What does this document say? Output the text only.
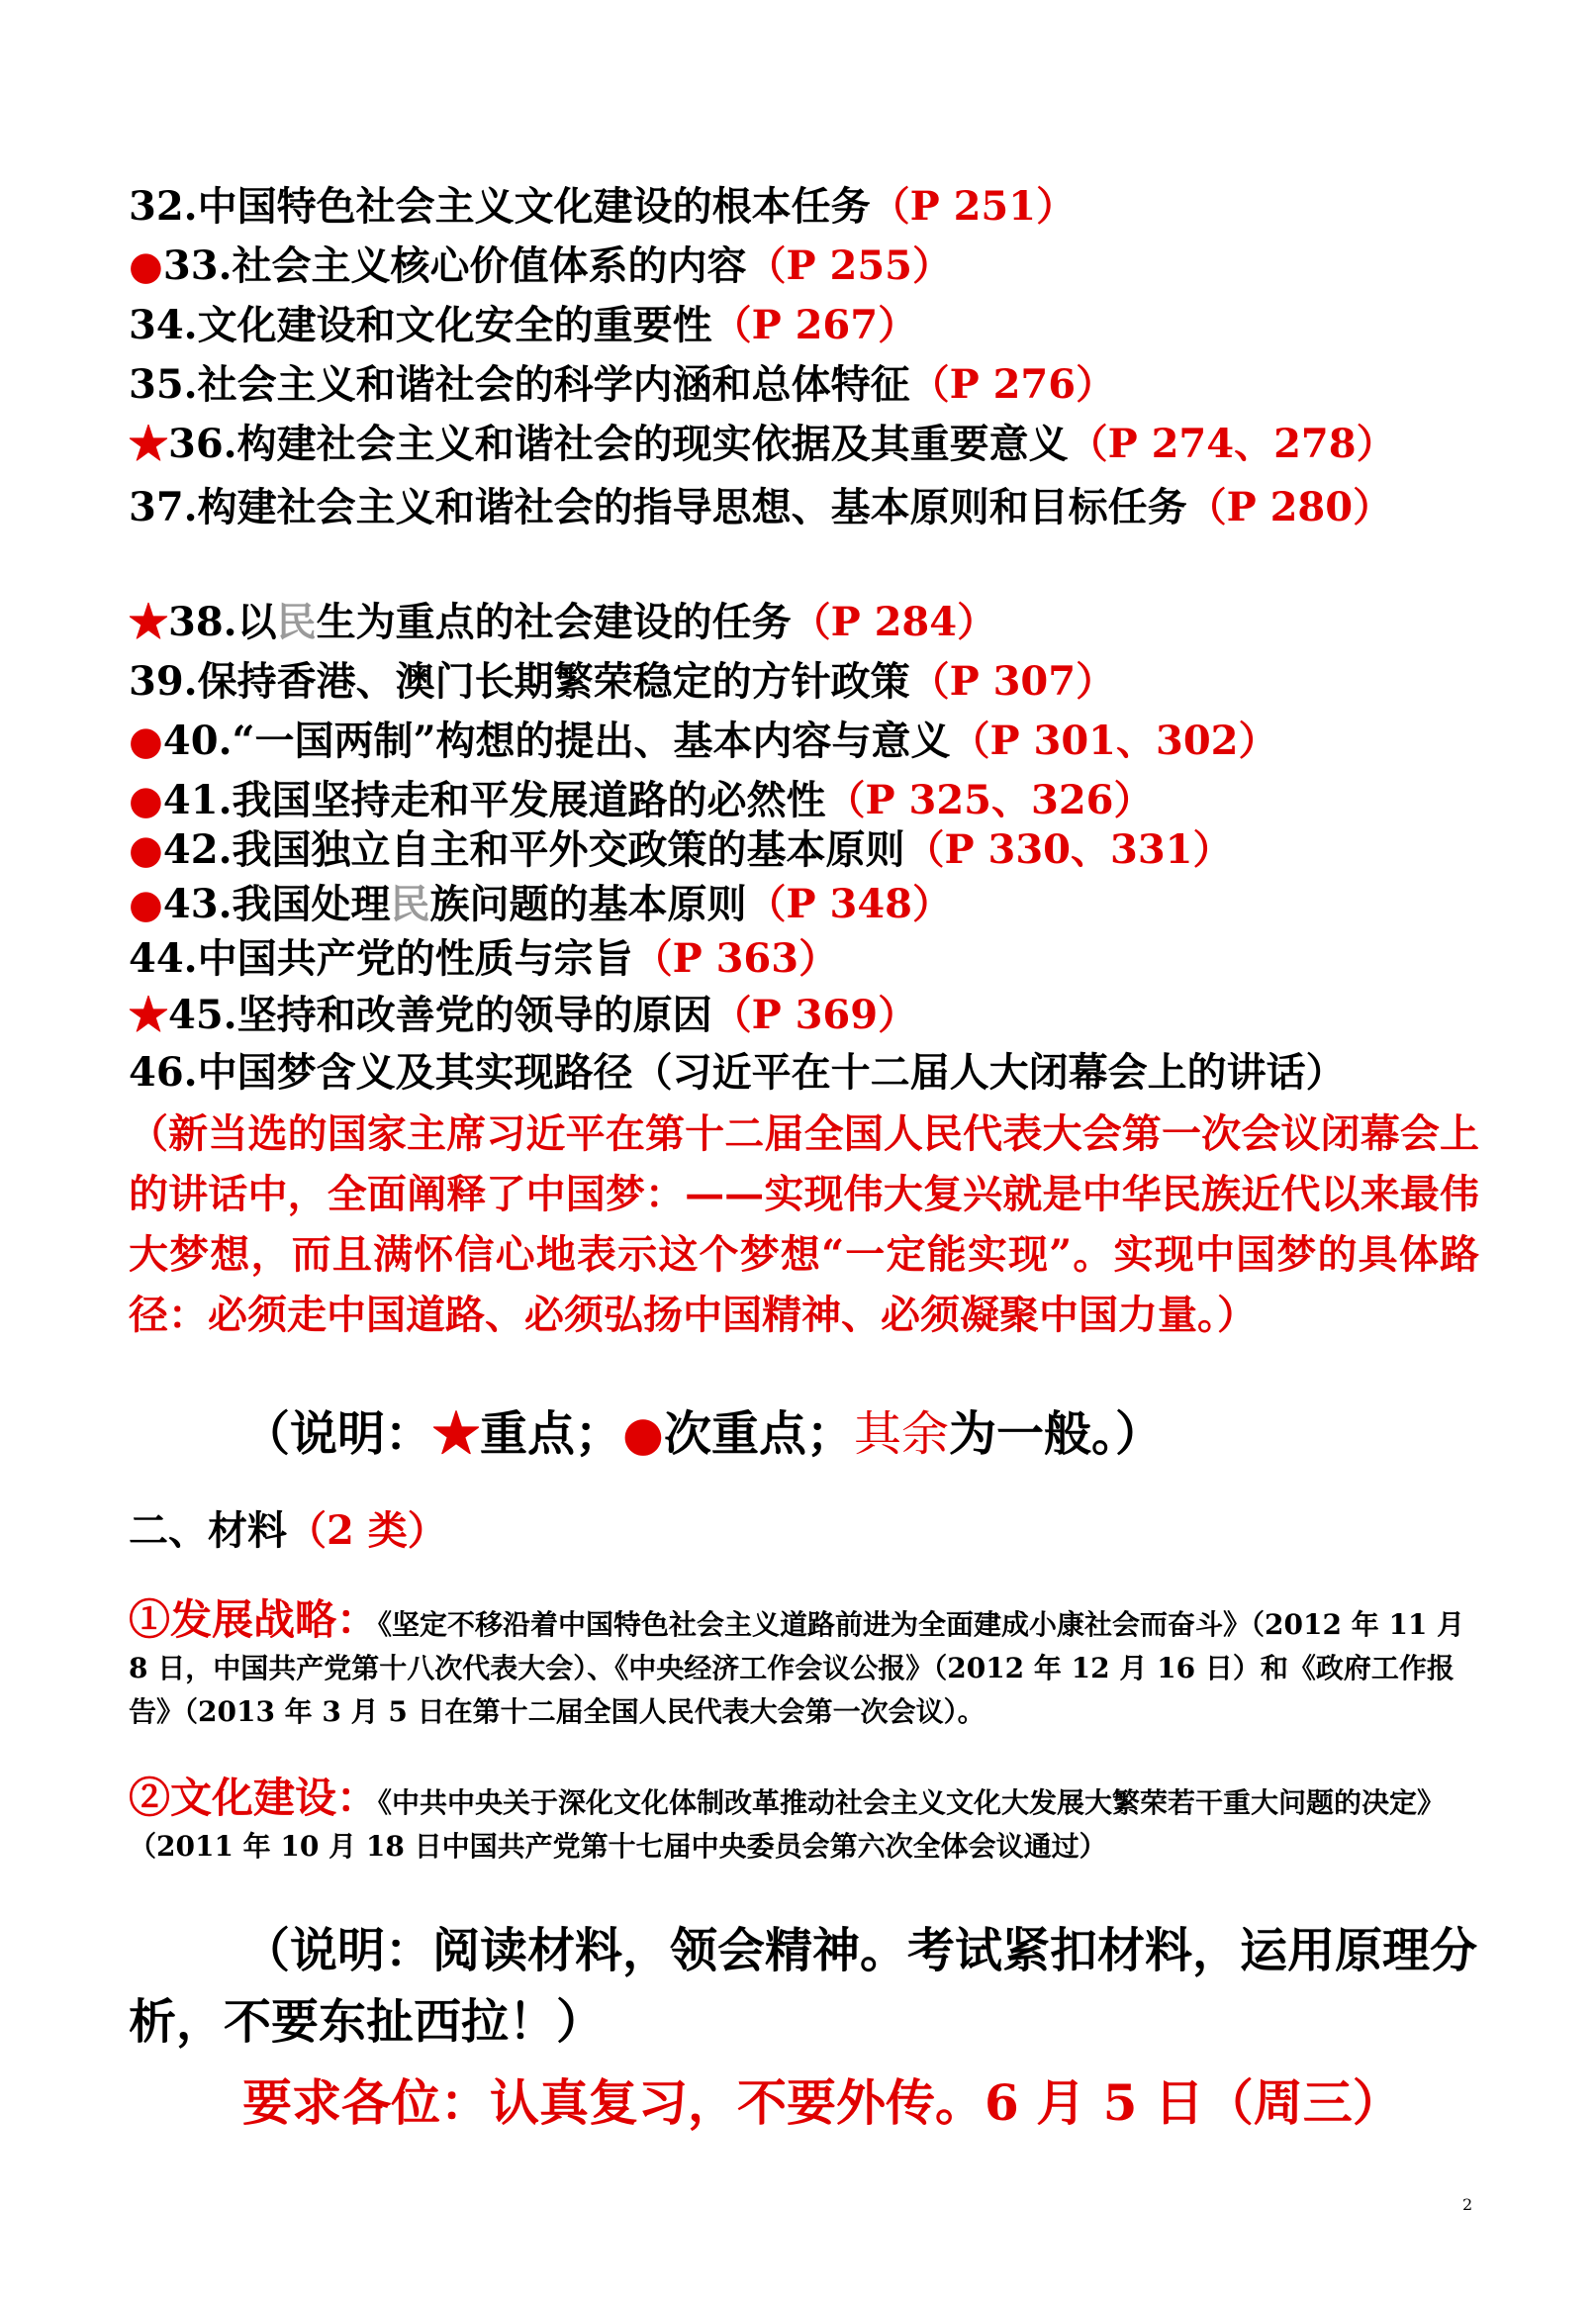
32.中国特色社会主义文化建设的根本任务（P 251）
●33.社会主义核心价值体系的内容（P 255）
34.文化建设和文化安全的重要性（P 267）
35.社会主义和谐社会的科学内涵和总体特征（P 276）
★36.构建社会主义和谐社会的现实依据及其重要意义（P 274、278）
37.构建社会主义和谐社会的指导思想、基本原则和目标任务（P 280）
★38.以民生为重点的社会建设的任务（P 284）
39.保持香港、澳门长期繁荣稳定的方针政策（P 307）
●40.“一国两制”构想的提出、基本内容与意义（P 301、302）
●41.我国坚持走和平发展道路的必然性（P 325、326）
●42.我国独立自主和平外交政策的基本原则（P 330、331）
●43.我国处理民族问题的基本原则（P 348）
44.中国共产党的性质与宗旨（P 363）
★45.坚持和改善党的领导的原因（P 369）
46.中国梦含义及其实现路径（习近平在十二届人大闭幕会上的讲话）
（新当选的国家主席习近平在第十二届全国人民代表大会第一次会议闭幕会上的讲话中，全面阐释了中国梦：——实现伟大复兴就是中华民族近代以来最伟大梦想，而且满怀信心地表示这个梦想“一定能实现”。实现中国梦的具体路径：必须走中国道路、必须弘扬中国精神、必须凝聚中国力量。）
（说明：★重点；●次重点；其余为一般。）
二、材料（2 类）
①发展战略：《坚定不移沿着中国特色社会主义道路前进为全面建成小康社会而奋斗》（2012 年 11 月 8 日，中国共产党第十八次代表大会）、《中央经济工作会议公报》（2012 年 12 月 16 日）和《政府工作报告》（2013 年 3 月 5 日在第十二届全国人民代表大会第一次会议）。
②文化建设：《中共中央关于深化文化体制改革推动社会主义文化大发展大繁荣若干重大问题的决定》（2011 年 10 月 18 日中国共产党第十七届中央委员会第六次全体会议通过）
（说明：阅读材料，领会精神。考试紧扣材料，运用原理分析，不要东扯西拉！）
要求各位：认真复习，不要外传。6 月 5 日（周三）
2
